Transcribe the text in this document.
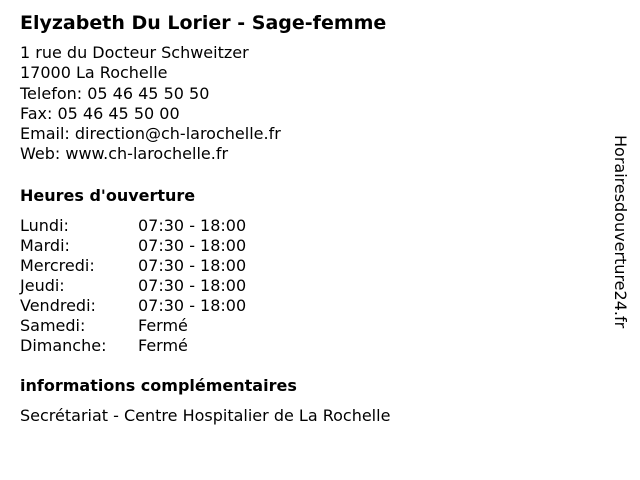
Elyzabeth Du Lorier - Sage-femme
1 rue du Docteur Schweitzer
17000 La Rochelle
Telefon: 05 46 45 50 50
Fax: 05 46 45 50 00
Email: direction@ch-larochelle.fr
Web: www.ch-larochelle.fr
Heures d'ouverture
Lundi:	07:30 - 18:00
Mardi:	07:30 - 18:00
Mercredi:	07:30 - 18:00
Jeudi:	07:30 - 18:00
Vendredi:	07:30 - 18:00
Samedi:	Fermé
Dimanche:	Fermé
informations complémentaires
Secrétariat - Centre Hospitalier de La Rochelle
Horairesdouverture24.fr
